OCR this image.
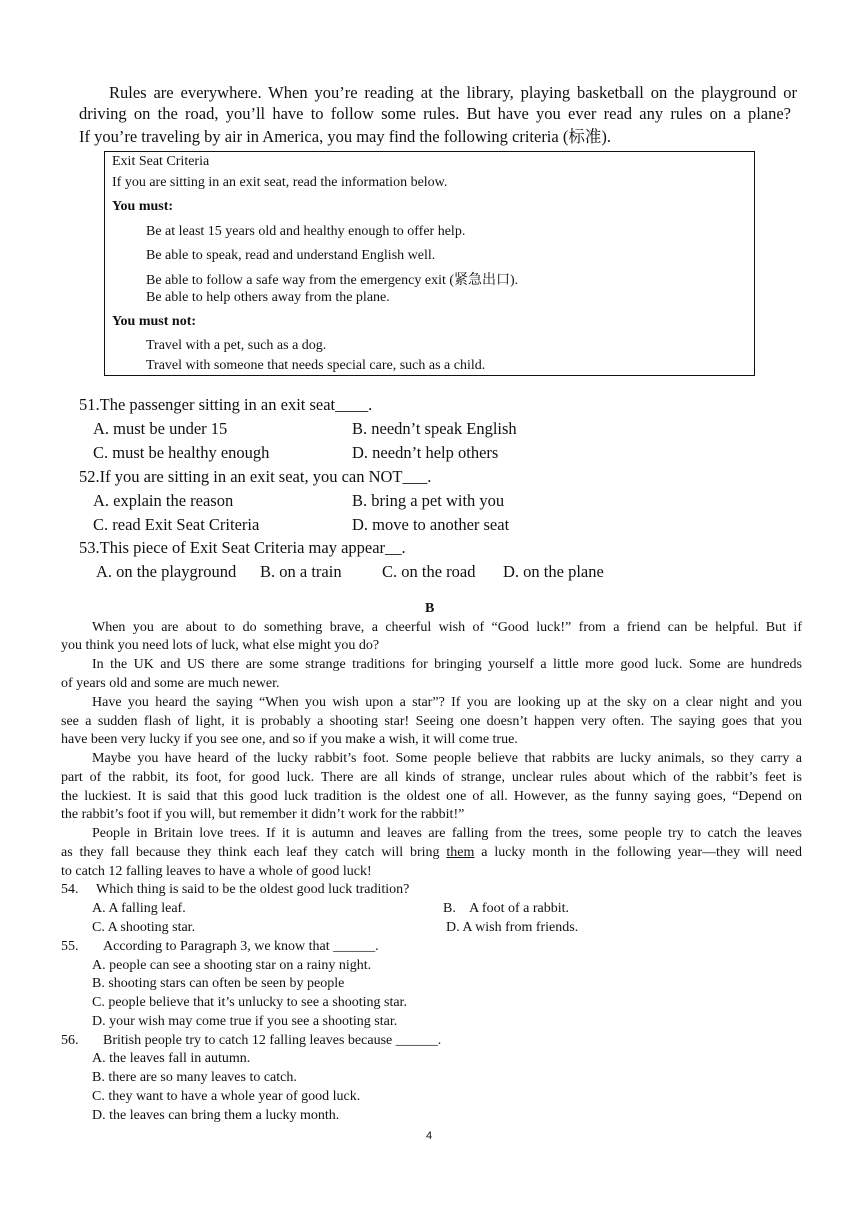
Rules are everywhere. When you’re reading at the library, playing basketball on the playground or
driving on the road, you’ll have to follow some rules. But have you ever read any rules on a plane?
If you’re traveling by air in America, you may find the following criteria (标准).
Exit Seat Criteria
If you are sitting in an exit seat, read the information below.
You must:
Be at least 15 years old and healthy enough to offer help.
Be able to speak, read and understand English well.
Be able to follow a safe way from the emergency exit (紧急出口).
Be able to help others away from the plane.
You must not:
Travel with a pet, such as a dog.
Travel with someone that needs special care, such as a child.
51.The passenger sitting in an exit seat____.
A. must be under 15	B. needn’t speak English
C. must be healthy enough	D. needn’t help others
52.If you are sitting in an exit seat, you can NOT___.
A. explain the reason	B. bring a pet with you
C. read Exit Seat Criteria	D. move to another seat
53.This piece of Exit Seat Criteria may appear__.
A. on the playground B. on a train C. on the road D. on the plane
B
When you are about to do something brave, a cheerful wish of “Good luck!” from a friend can be helpful. But if
you think you need lots of luck, what else might you do?
In the UK and US there are some strange traditions for bringing yourself a little more good luck. Some are hundreds
of years old and some are much newer.
Have you heard the saying “When you wish upon a star”? If you are looking up at the sky on a clear night and you
see a sudden flash of light, it is probably a shooting star! Seeing one doesn’t happen very often. The saying goes that you
have been very lucky if you see one, and so if you make a wish, it will come true.
Maybe you have heard of the lucky rabbit’s foot. Some people believe that rabbits are lucky animals, so they carry a
part of the rabbit, its foot, for good luck. There are all kinds of strange, unclear rules about which of the rabbit’s feet is
the luckiest. It is said that this good luck tradition is the oldest one of all. However, as the funny saying goes, “Depend on
the rabbit’s foot if you will, but remember it didn’t work for the rabbit!”
People in Britain love trees. If it is autumn and leaves are falling from the trees, some people try to catch the leaves
as they fall because they think each leaf they catch will bring them a lucky month in the following year—they will need
to catch 12 falling leaves to have a whole of good luck!
54. Which thing is said to be the oldest good luck tradition?
A. A falling leaf.	B.    A foot of a rabbit.
C. A shooting star.	D. A wish from friends.
55. According to Paragraph 3, we know that ______.
A. people can see a shooting star on a rainy night.
B. shooting stars can often be seen by people
C. people believe that it’s unlucky to see a shooting star.
D. your wish may come true if you see a shooting star.
56. British people try to catch 12 falling leaves because ______.
A. the leaves fall in autumn.
B. there are so many leaves to catch.
C. they want to have a whole year of good luck.
D. the leaves can bring them a lucky month.
4
